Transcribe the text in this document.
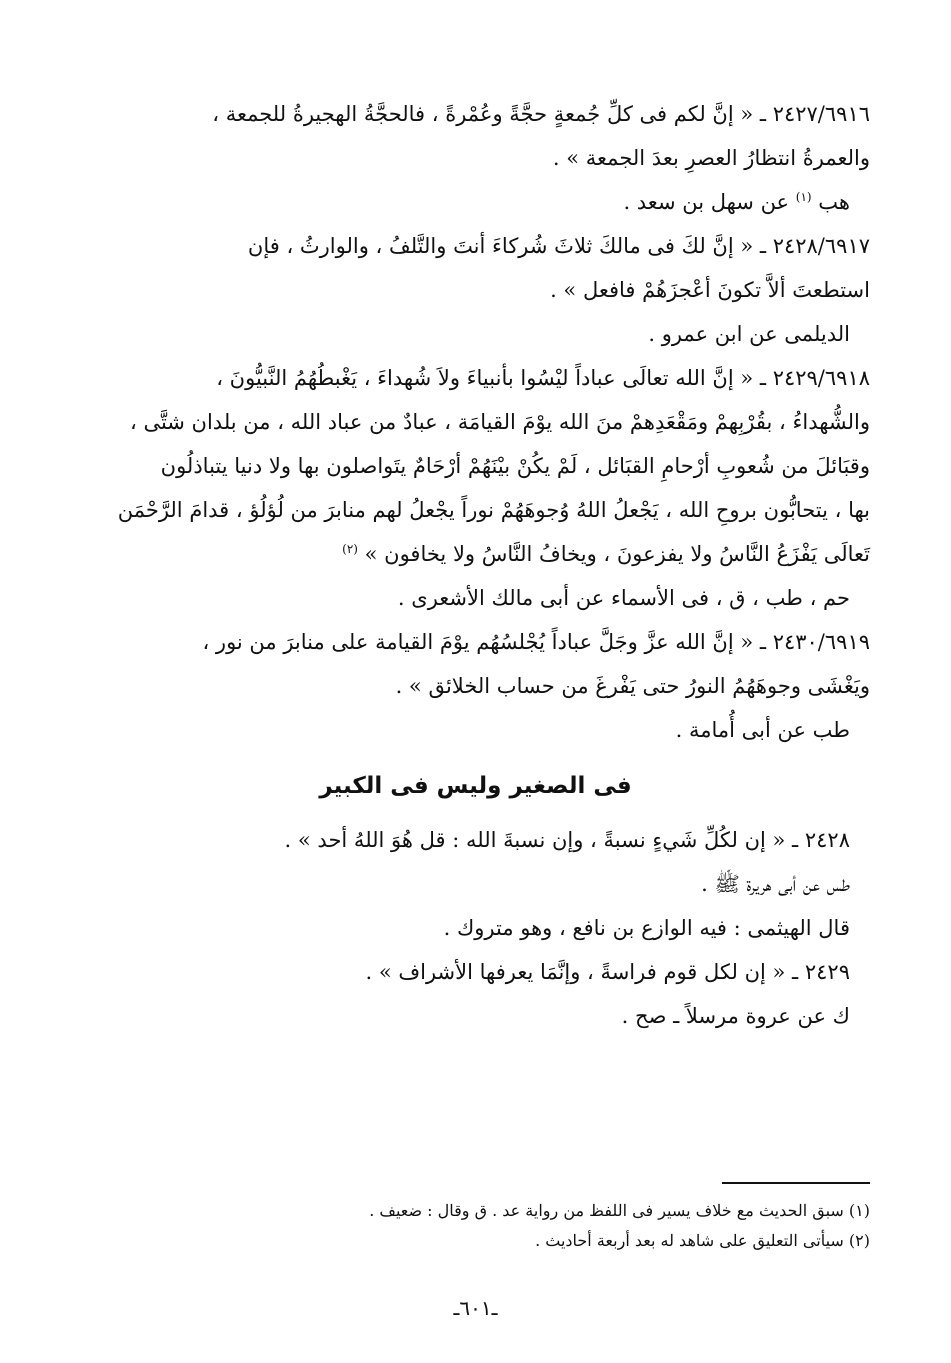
٢٤٢٧/٦٩١٦ ـ « إنَّ لكم فى كلِّ جُمعةٍ حجَّةً وعُمْرةً ، فالحجَّةُ الهجيرةُ للجمعة ،
والعمرةُ انتظارُ العصرِ بعدَ الجمعة » .
هب $^{(١)}$ عن سهل بن سعد .
٢٤٢٨/٦٩١٧ ـ « إنَّ لكَ فى مالكَ ثلاثَ شُركاءَ أنتَ والتَّلفُ ، والوارثُ ، فإن
استطعتَ ألاَّ تكونَ أعْجزَهُمْ فافعل » .
الديلمى عن ابن عمرو .
٢٤٢٩/٦٩١٨ ـ « إنَّ الله تعالَى عباداً ليْسُوا بأنبياءَ ولاَ شُهداءَ ، يَغْبطُهُمُ النَّبيُّونَ ،
والشُّهداءُ ، بقُرْبِهمْ ومَقْعَدِهمْ منَ الله يوْمَ القيامَة ، عبادٌ من عباد الله ، من بلدان شتَّى ،
وقبَائلَ من شُعوبِ أرْحامِ القبَائل ، لَمْ يكُنْ بيْنَهُمْ أرْحَامٌ يتَواصلون بها ولا دنيا يتباذلُون
بها ، يتحابُّون بروحِ الله ، يَجْعلُ اللهُ وُجوهَهُمْ نوراً يجْعلُ لهم منابرَ من لُؤلُؤ ، قدامَ الرَّحْمَن
تَعالَى يَفْزَعُ النَّاسُ ولا يفزعونَ ، ويخافُ النَّاسُ ولا يخافون » $^{(٢)}$
حم ، طب ، ق ، فى الأسماء عن أبى مالك الأشعرى .
٢٤٣٠/٦٩١٩ ـ « إنَّ الله عزَّ وجَلَّ عباداً يُجْلسُهُم يوْمَ القيامة على منابرَ من نور ،
ويَغْشَى وجوهَهُمُ النورُ حتى يَفْرغَ من حساب الخلائق » .
طب عن أبى أُمامة .
فى الصغير وليس فى الكبير
٢٤٢٨ ـ « إن لكُلِّ شَيءٍ نسبةً ، وإن نسبةَ الله : قل هُوَ اللهُ أحد » .
طس عن أبى هريرة ﷺ .
قال الهيثمى : فيه الوازع بن نافع ، وهو متروك .
٢٤٢٩ ـ « إن لكل قوم فراسةً ، وإنَّمَا يعرفها الأشراف » .
ك عن عروة مرسلاً ـ صح .
(١) سبق الحديث مع خلاف يسير فى اللفظ من رواية عد . ق وقال : ضعيف .
(٢) سيأتى التعليق على شاهد له بعد أربعة أحاديث .
ـ٦٠١ـ
